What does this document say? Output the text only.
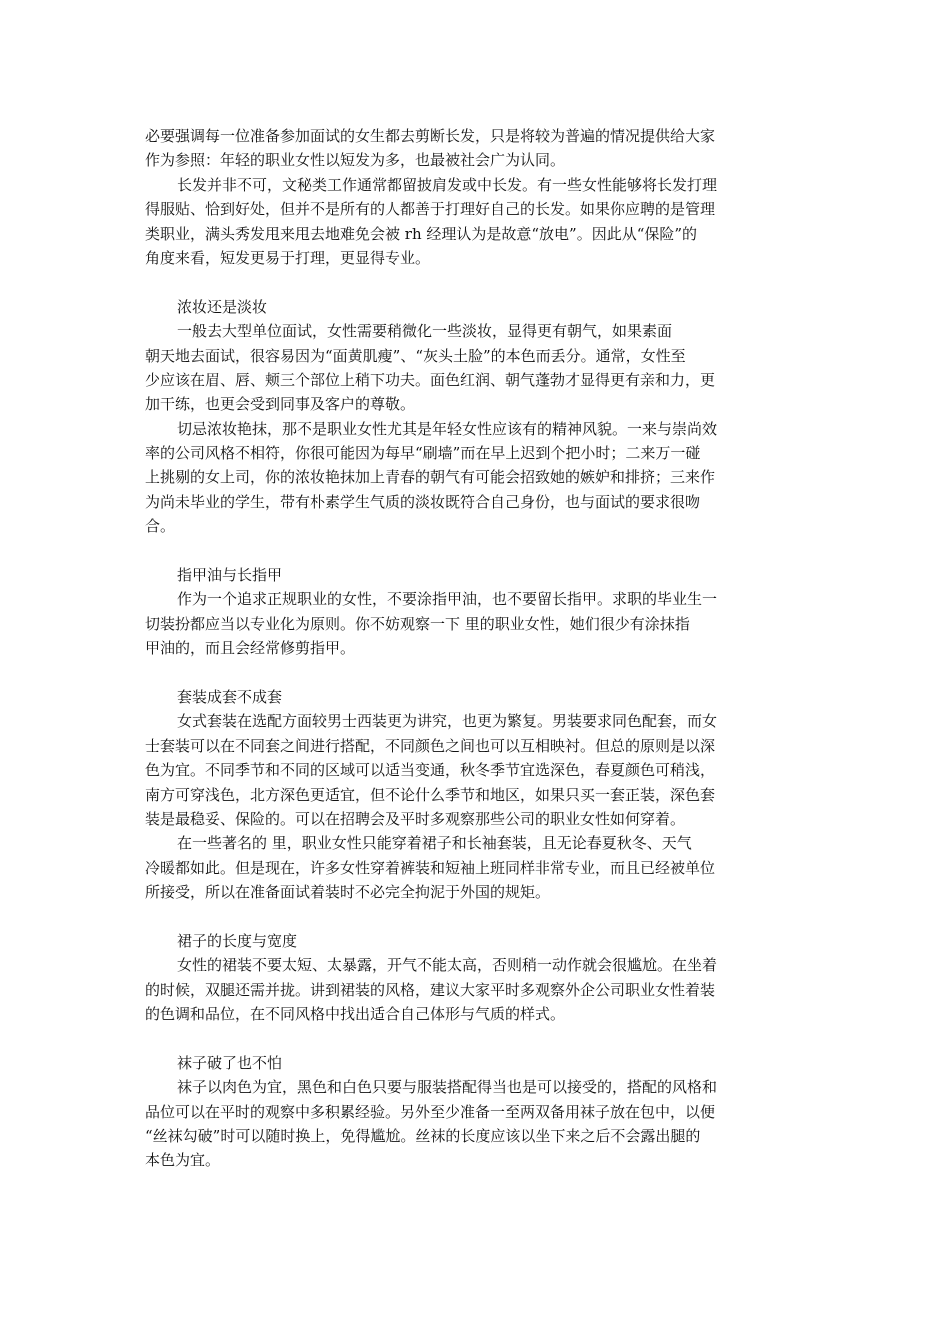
必要强调每一位准备参加面试的女生都去剪断长发，只是将较为普遍的情况提供给大家
作为参照：年轻的职业女性以短发为多，也最被社会广为认同。
长发并非不可，文秘类工作通常都留披肩发或中长发。有一些女性能够将长发打理
得服贴、恰到好处，但并不是所有的人都善于打理好自己的长发。如果你应聘的是管理
类职业，满头秀发甩来甩去地难免会被 rh 经理认为是故意“放电”。因此从“保险”的
角度来看，短发更易于打理，更显得专业。
浓妆还是淡妆
一般去大型单位面试，女性需要稍微化一些淡妆，显得更有朝气，如果素面
朝天地去面试，很容易因为“面黄肌瘦”、“灰头土脸”的本色而丢分。通常，女性至
少应该在眉、唇、颊三个部位上稍下功夫。面色红润、朝气蓬勃才显得更有亲和力，更
加干练，也更会受到同事及客户的尊敬。
切忌浓妆艳抹，那不是职业女性尤其是年轻女性应该有的精神风貌。一来与崇尚效
率的公司风格不相符，你很可能因为每早“刷墙”而在早上迟到个把小时；二来万一碰
上挑剔的女上司，你的浓妆艳抹加上青春的朝气有可能会招致她的嫉妒和排挤；三来作
为尚未毕业的学生，带有朴素学生气质的淡妆既符合自己身份，也与面试的要求很吻
合。
指甲油与长指甲
作为一个追求正规职业的女性，不要涂指甲油，也不要留长指甲。求职的毕业生一
切装扮都应当以专业化为原则。你不妨观察一下 里的职业女性，她们很少有涂抹指
甲油的，而且会经常修剪指甲。
套装成套不成套
女式套装在选配方面较男士西装更为讲究，也更为繁复。男装要求同色配套，而女
士套装可以在不同套之间进行搭配，不同颜色之间也可以互相映衬。但总的原则是以深
色为宜。不同季节和不同的区域可以适当变通，秋冬季节宜选深色，春夏颜色可稍浅，
南方可穿浅色，北方深色更适宜，但不论什么季节和地区，如果只买一套正装，深色套
装是最稳妥、保险的。可以在招聘会及平时多观察那些公司的职业女性如何穿着。
在一些著名的 里，职业女性只能穿着裙子和长袖套装，且无论春夏秋冬、天气
冷暖都如此。但是现在，许多女性穿着裤装和短袖上班同样非常专业，而且已经被单位
所接受，所以在准备面试着装时不必完全拘泥于外国的规矩。
裙子的长度与宽度
女性的裙装不要太短、太暴露，开气不能太高，否则稍一动作就会很尴尬。在坐着
的时候，双腿还需并拢。讲到裙装的风格，建议大家平时多观察外企公司职业女性着装
的色调和品位，在不同风格中找出适合自己体形与气质的样式。
袜子破了也不怕
袜子以肉色为宜，黑色和白色只要与服装搭配得当也是可以接受的，搭配的风格和
品位可以在平时的观察中多积累经验。另外至少准备一至两双备用袜子放在包中，以便
“丝袜勾破”时可以随时换上，免得尴尬。丝袜的长度应该以坐下来之后不会露出腿的
本色为宜。
